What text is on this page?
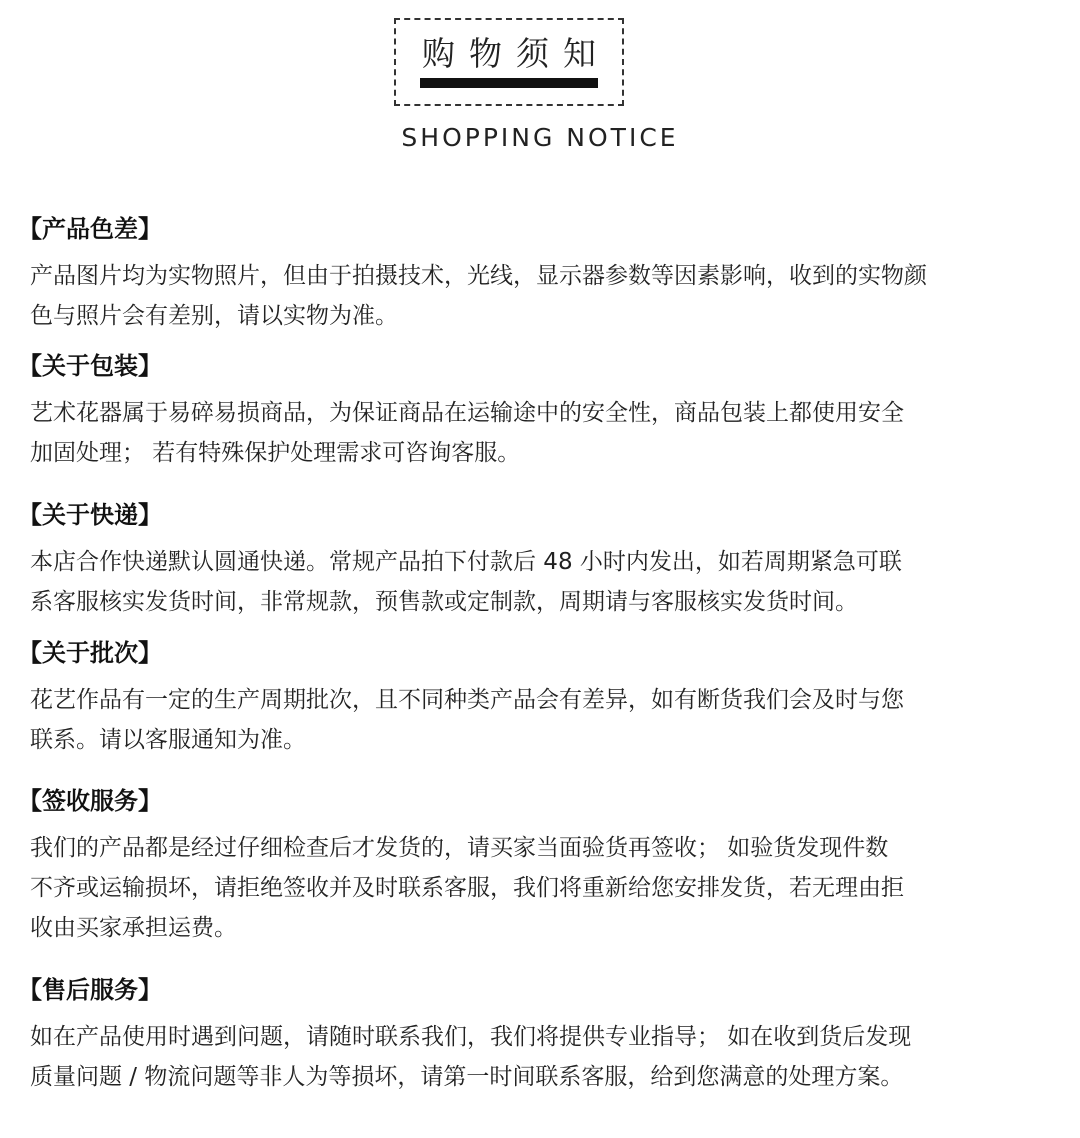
购物须知
SHOPPING NOTICE
【产品色差】
产品图片均为实物照片，但由于拍摄技术，光线，显示器参数等因素影响，收到的实物颜
色与照片会有差别，请以实物为准。
【关于包装】
艺术花器属于易碎易损商品，为保证商品在运输途中的安全性，商品包装上都使用安全
加固处理； 若有特殊保护处理需求可咨询客服。
【关于快递】
本店合作快递默认圆通快递。常规产品拍下付款后 48 小时内发出，如若周期紧急可联
系客服核实发货时间，非常规款，预售款或定制款，周期请与客服核实发货时间。
【关于批次】
花艺作品有一定的生产周期批次，且不同种类产品会有差异，如有断货我们会及时与您
联系。请以客服通知为准。
【签收服务】
我们的产品都是经过仔细检查后才发货的，请买家当面验货再签收； 如验货发现件数
不齐或运输损坏，请拒绝签收并及时联系客服，我们将重新给您安排发货，若无理由拒
收由买家承担运费。
【售后服务】
如在产品使用时遇到问题，请随时联系我们，我们将提供专业指导； 如在收到货后发现
质量问题 / 物流问题等非人为等损坏，请第一时间联系客服，给到您满意的处理方案。
